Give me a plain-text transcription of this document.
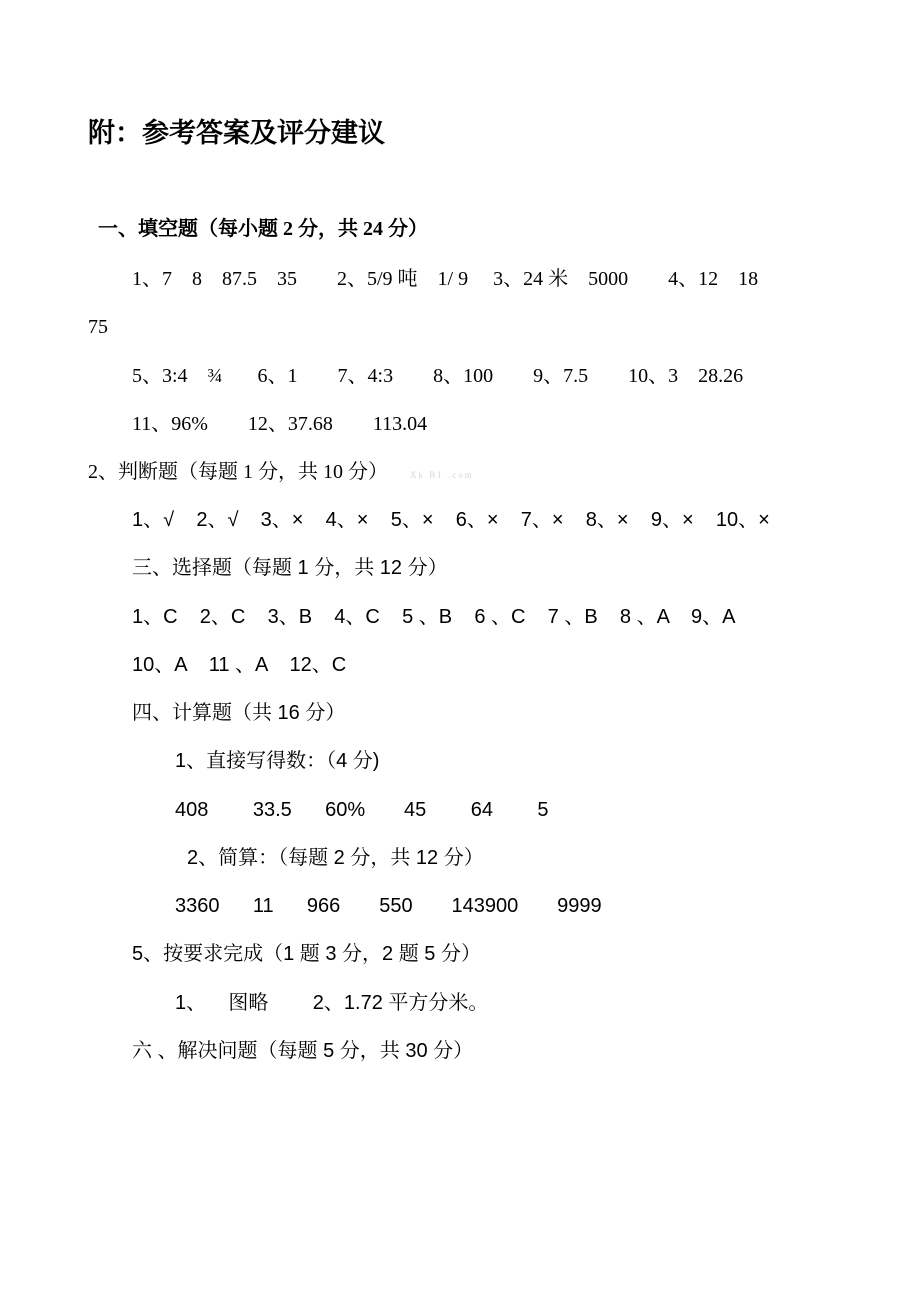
附：参考答案及评分建议
一、填空题（每小题 2 分，共 24 分）
1、7    8    87.5    35        2、5/9 吨    1/ 9     3、24 米    5000        4、12    18
75
5、3:4    ¾       6、1        7、4:3        8、100        9、7.5        10、3    28.26
11、96%        12、37.68        113.04
2、判断题（每题 1 分，共 10 分） Xk B1 .com
1、√    2、√    3、×    4、×    5、×    6、×    7、×    8、×    9、×    10、×
三、选择题（每题 1 分，共 12 分）
1、C    2、C    3、B    4、C    5 、B    6 、C    7 、B    8 、A    9、A
10、A    11 、A    12、C
四、计算题（共 16 分）
1、直接写得数：（4 分)
408        33.5      60%       45        64        5
2、简算：（每题 2 分，共 12 分）
3360      11      966       550       143900       9999
5、按要求完成（1 题 3 分，2 题 5 分）
1、    图略        2、1.72 平方分米。
六 、解决问题（每题 5 分，共 30 分）
